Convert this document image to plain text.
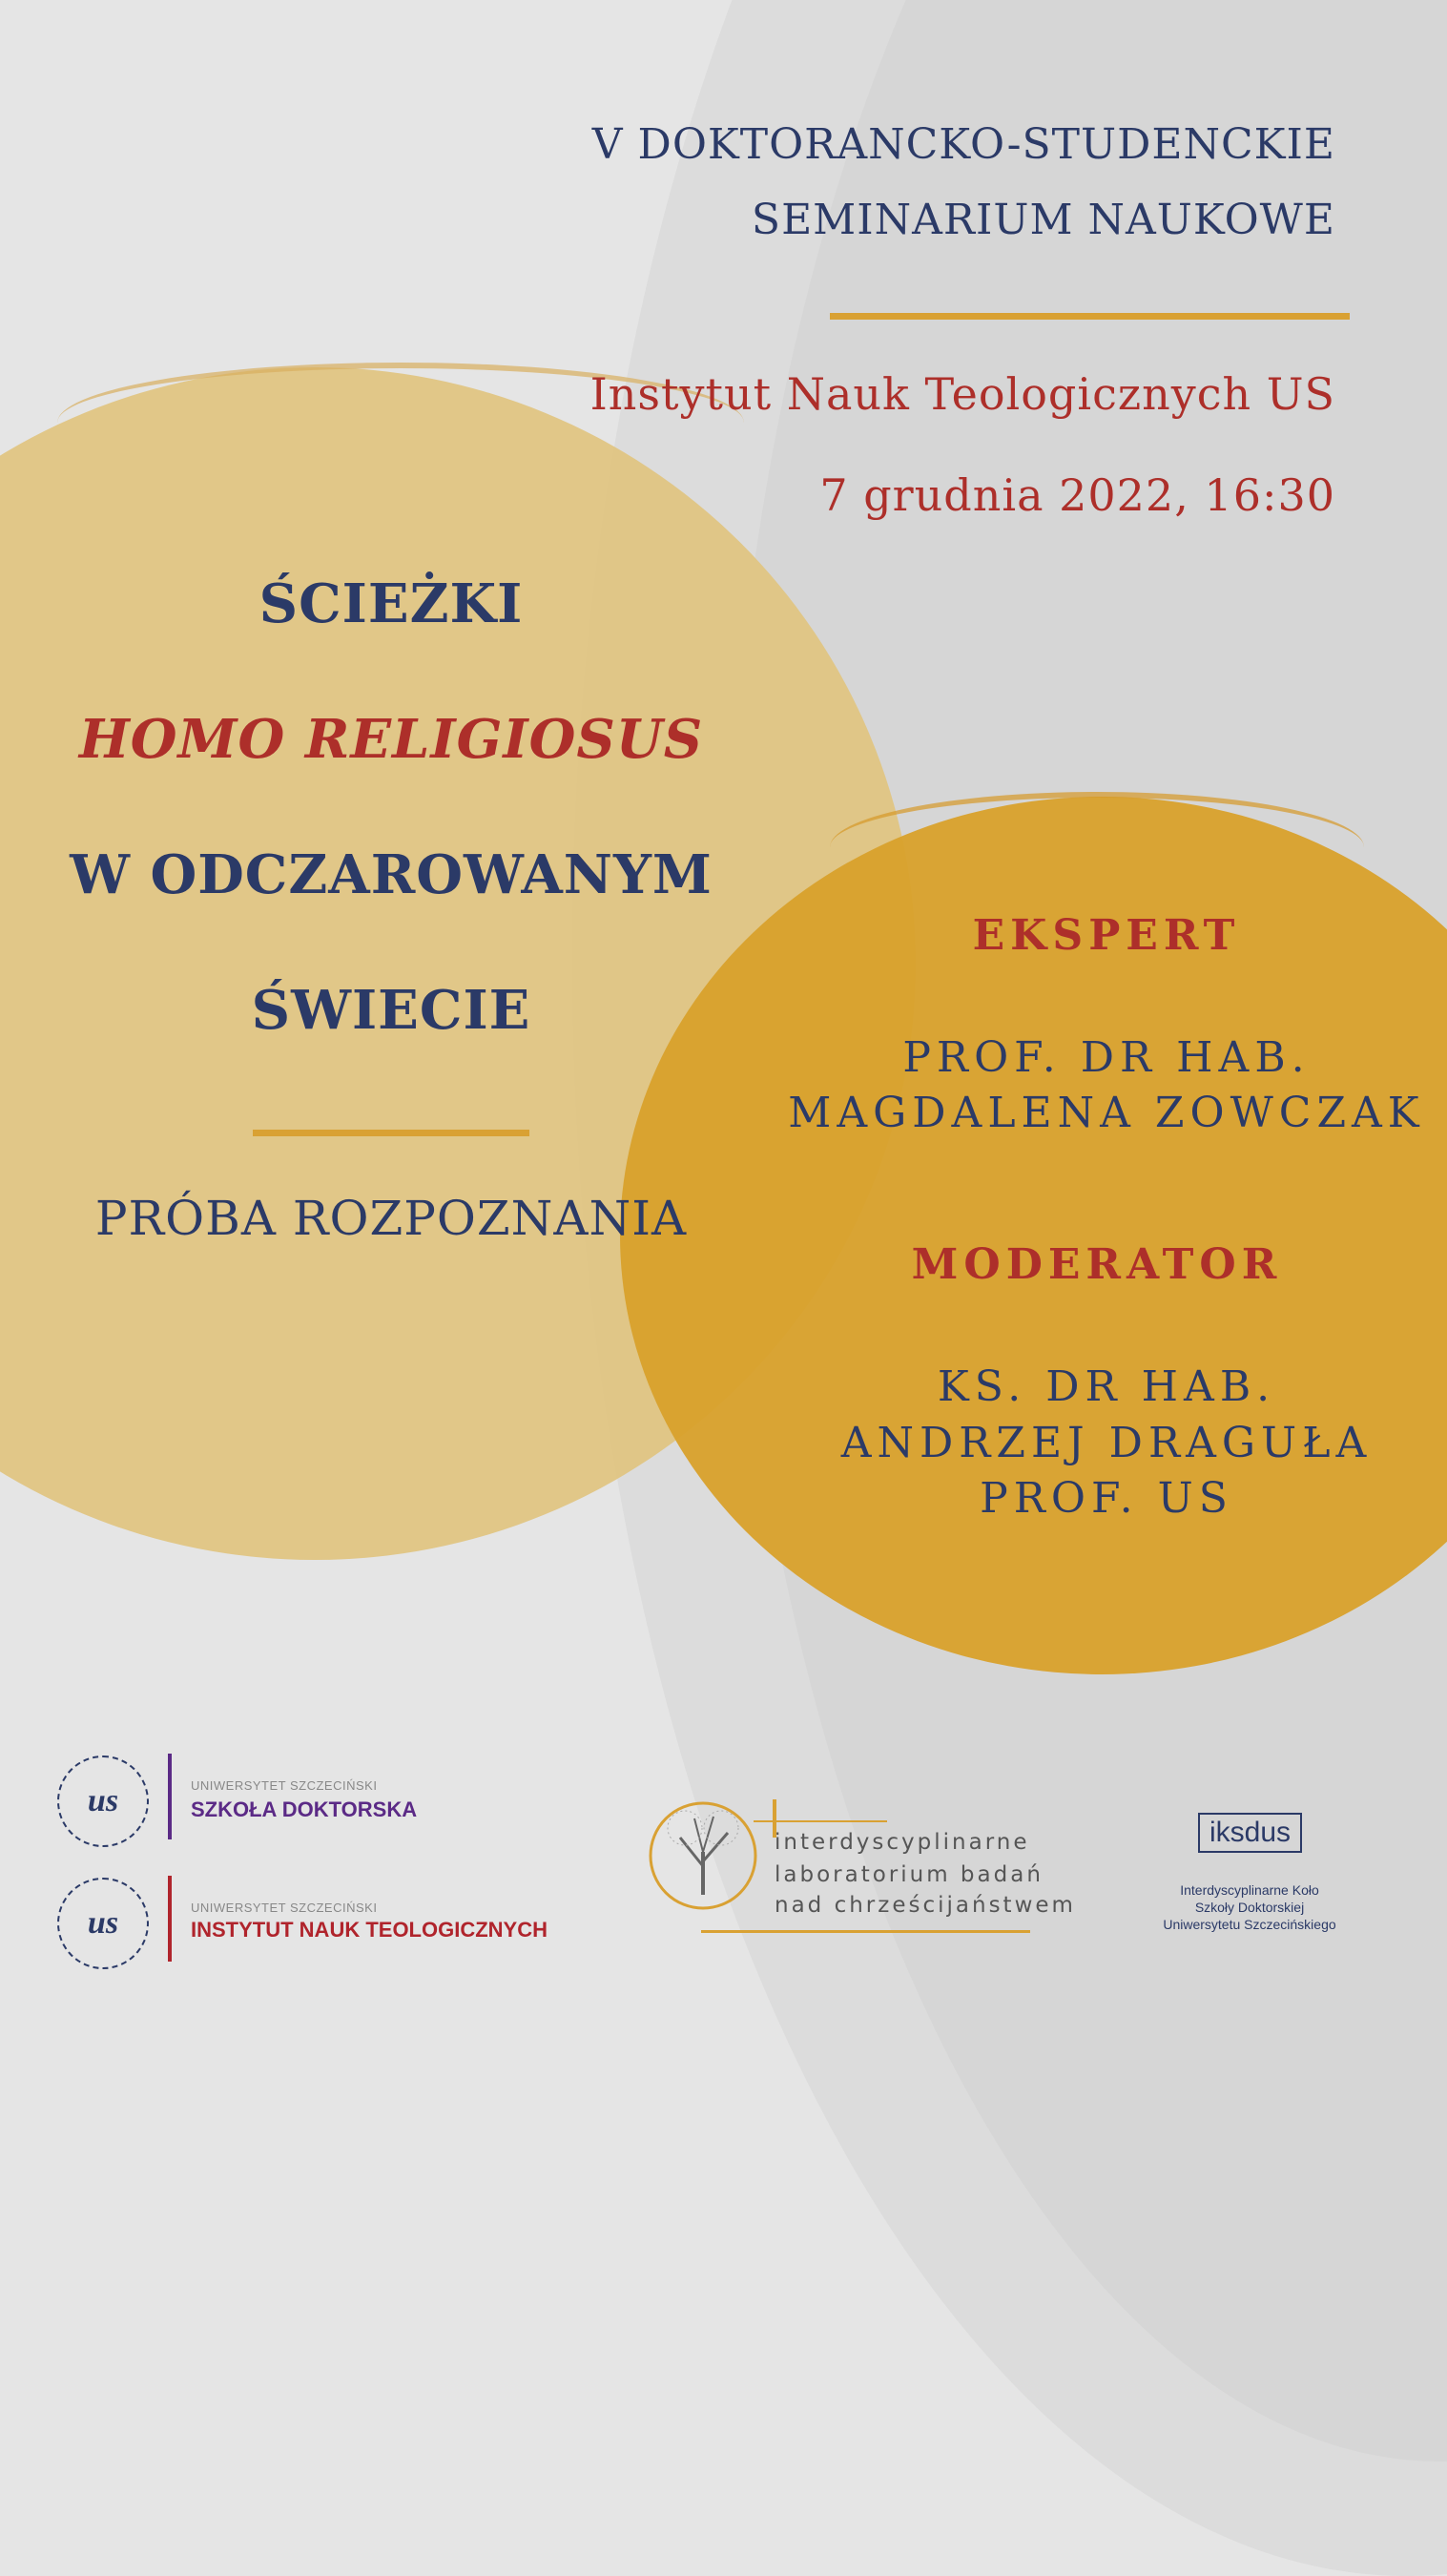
V DOKTORANCKO-STUDENCKIE
SEMINARIUM NAUKOWE
Instytut Nauk Teologicznych US
7 grudnia 2022, 16:30
ŚCIEŻKI
HOMO RELIGIOSUS
W ODCZAROWANYM
ŚWIECIE
PRÓBA ROZPOZNANIA
EKSPERT
PROF. DR HAB.
MAGDALENA ZOWCZAK
MODERATOR
KS. DR HAB.
ANDRZEJ DRAGUŁA
PROF. US
us	UNIWERSYTET SZCZECIŃSKI
SZKOŁA DOKTORSKA
us	UNIWERSYTET SZCZECIŃSKI
INSTYTUT NAUK TEOLOGICZNYCH
interdyscyplinarne
laboratorium badań
nad chrześcijaństwem
iksdus
Interdyscyplinarne Koło
Szkoły Doktorskiej
Uniwersytetu Szczecińskiego
